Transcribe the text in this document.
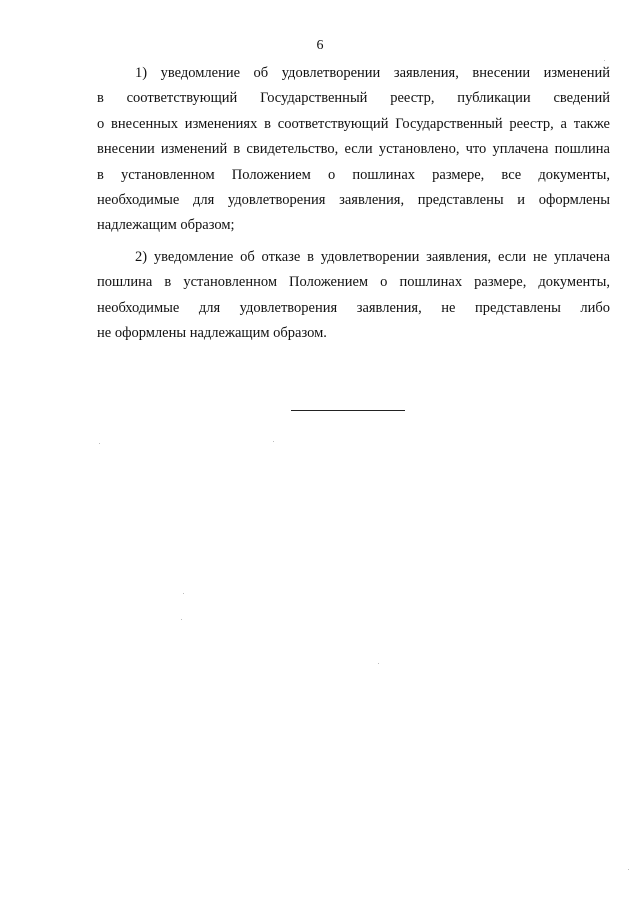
6

1) уведомление об удовлетворении заявления, внесении изменений
в соответствующий Государственный реестр, публикации сведений
о внесенных изменениях в соответствующий Государственный реестр, а также
внесении изменений в свидетельство, если установлено, что уплачена пошлина
в установленном Положением о пошлинах размере, все документы,
необходимые для удовлетворения заявления, представлены и оформлены
надлежащим образом;

2) уведомление об отказе в удовлетворении заявления, если не уплачена
пошлина в установленном Положением о пошлинах размере, документы,
необходимые для удовлетворения заявления, не представлены либо
не оформлены надлежащим образом.
